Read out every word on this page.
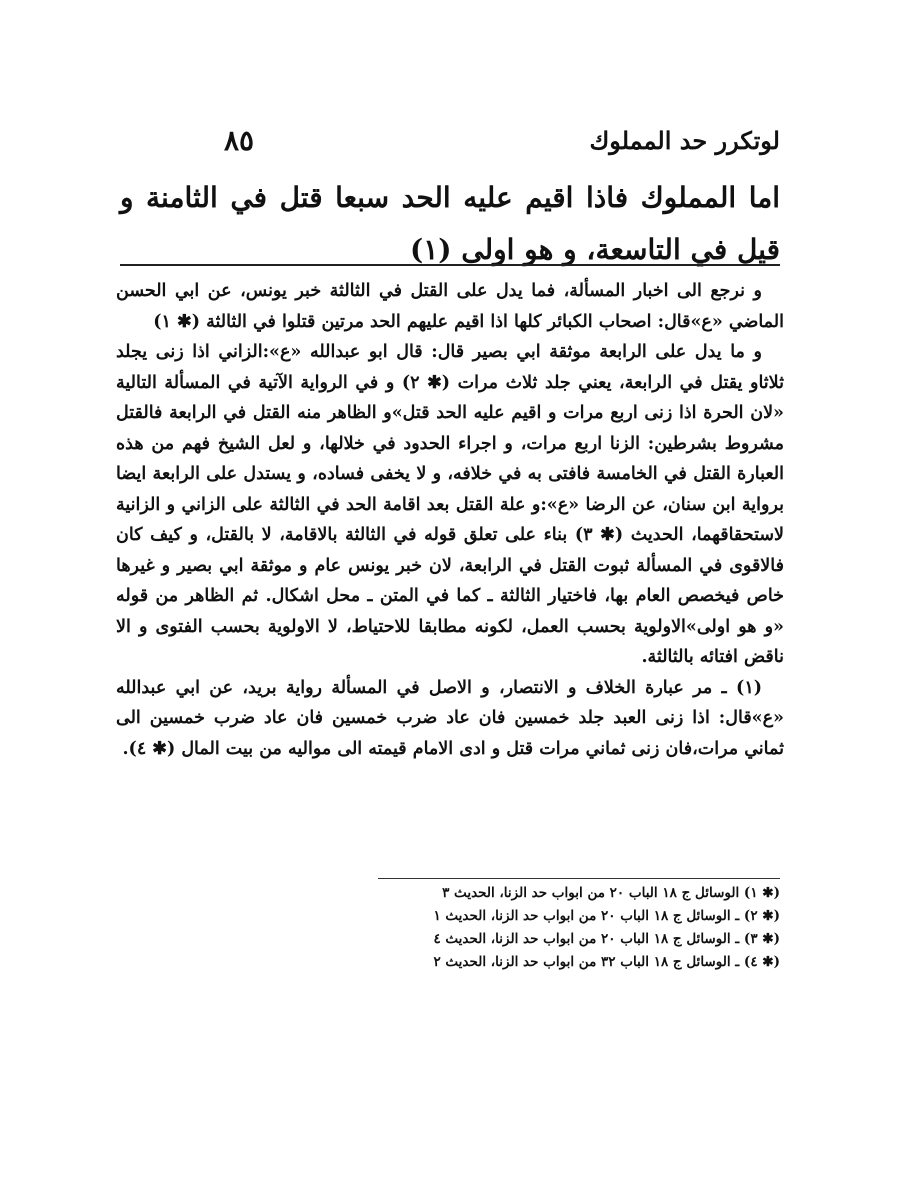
لوتكرر حد المملوك
٨٥
اما المملوك فاذا اقيم عليه الحد سبعا قتل في الثامنة و قيل في التاسعة، و هو اولى (١)

و نرجع الى اخبار المسألة، فما يدل على القتل في الثالثة خبر يونس، عن ابي الحسن الماضي «ع»قال: اصحاب الكبائر كلها اذا اقيم عليهم الحد مرتين قتلوا في الثالثة (✱ ١)

و ما يدل على الرابعة موثقة ابي بصير قال: قال ابو عبدالله «ع»:الزاني اذا زنى يجلد ثلاثاو يقتل في الرابعة، يعني جلد ثلاث مرات (✱ ٢) و في الرواية الآتية في المسألة التالية «لان الحرة اذا زنى اربع مرات و اقيم عليه الحد قتل»و الظاهر منه القتل في الرابعة فالقتل مشروط بشرطين: الزنا اربع مرات، و اجراء الحدود في خلالها، و لعل الشيخ فهم من هذه العبارة القتل في الخامسة فافتى به في خلافه، و لا يخفى فساده، و يستدل على الرابعة ايضا برواية ابن سنان، عن الرضا «ع»:و علة القتل بعد اقامة الحد في الثالثة على الزاني و الزانية لاستحقاقهما، الحديث (✱ ٣) بناء على تعلق قوله في الثالثة بالاقامة، لا بالقتل، و كيف كان فالاقوى في المسألة ثبوت القتل في الرابعة، لان خبر يونس عام و موثقة ابي بصير و غيرها خاص فيخصص العام بها، فاختيار الثالثة ـ كما في المتن ـ محل اشكال. ثم الظاهر من قوله «و هو اولى»الاولوية بحسب العمل، لكونه مطابقا للاحتياط، لا الاولوية بحسب الفتوى و الا ناقض افتائه بالثالثة.

(١) ـ مر عبارة الخلاف و الانتصار، و الاصل في المسألة رواية بريد، عن ابي عبدالله «ع»قال: اذا زنى العبد جلد خمسين فان عاد ضرب خمسين فان عاد ضرب خمسين الى ثماني مرات،فان زنى ثماني مرات قتل و ادى الامام قيمته الى مواليه من بيت المال (✱ ٤).

(✱ ١) الوسائل ج ١٨ الباب ٢٠ من ابواب حد الزنا، الحديث ٣
(✱ ٢) ـ الوسائل ج ١٨ الباب ٢٠ من ابواب حد الزنا، الحديث ١
(✱ ٣) ـ الوسائل ج ١٨ الباب ٢٠ من ابواب حد الزنا، الحديث ٤
(✱ ٤) ـ الوسائل ج ١٨ الباب ٣٢ من ابواب حد الزنا، الحديث ٢
